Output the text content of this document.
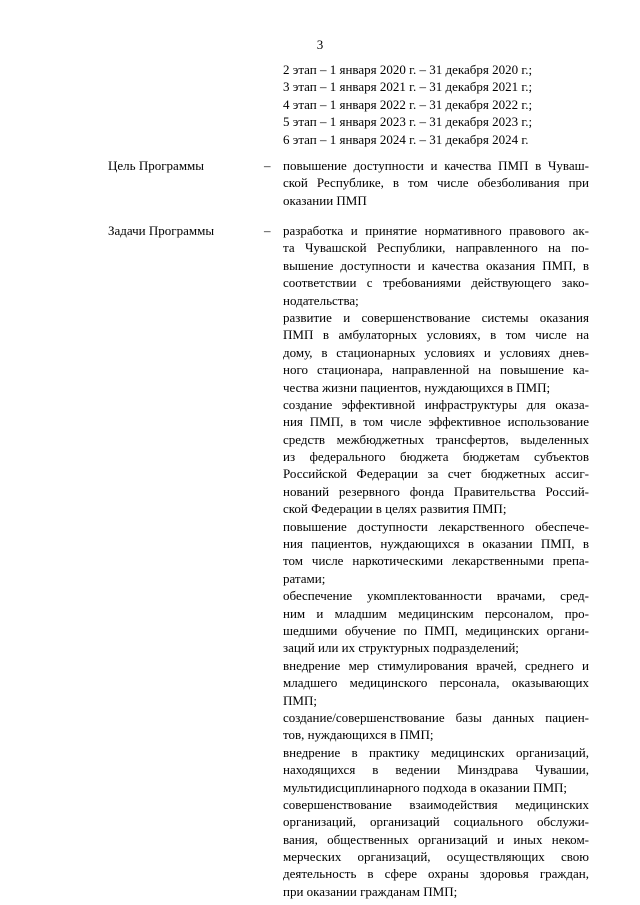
3
2 этап – 1 января 2020 г. – 31 декабря 2020 г.;
3 этап – 1 января 2021 г. – 31 декабря 2021 г.;
4 этап – 1 января 2022 г. – 31 декабря 2022 г.;
5 этап – 1 января 2023 г. – 31 декабря 2023 г.;
6 этап – 1 января 2024 г. – 31 декабря 2024 г.
Цель Программы	– повышение доступности и качества ПМП в Чуваш-
ской Республике, в том числе обезболивания при
оказании ПМП
Задачи Программы	– разработка и принятие нормативного правового ак-
та Чувашской Республики, направленного на по-
вышение доступности и качества оказания ПМП, в
соответствии с требованиями действующего зако-
нодательства;
развитие и совершенствование системы оказания
ПМП в амбулаторных условиях, в том числе на
дому, в стационарных условиях и условиях днев-
ного стационара, направленной на повышение ка-
чества жизни пациентов, нуждающихся в ПМП;
создание эффективной инфраструктуры для оказа-
ния ПМП, в том числе эффективное использование
средств межбюджетных трансфертов, выделенных
из федерального бюджета бюджетам субъектов
Российской Федерации за счет бюджетных ассиг-
нований резервного фонда Правительства Россий-
ской Федерации в целях развития ПМП;
повышение доступности лекарственного обеспече-
ния пациентов, нуждающихся в оказании ПМП, в
том числе наркотическими лекарственными препа-
ратами;
обеспечение укомплектованности врачами, сред-
ним и младшим медицинским персоналом, про-
шедшими обучение по ПМП, медицинских органи-
заций или их структурных подразделений;
внедрение мер стимулирования врачей, среднего и
младшего медицинского персонала, оказывающих
ПМП;
создание/совершенствование базы данных пациен-
тов, нуждающихся в ПМП;
внедрение в практику медицинских организаций,
находящихся в ведении Минздрава Чувашии,
мультидисциплинарного подхода в оказании ПМП;
совершенствование взаимодействия медицинских
организаций, организаций социального обслужи-
вания, общественных организаций и иных неком-
мерческих организаций, осуществляющих свою
деятельность в сфере охраны здоровья граждан,
при оказании гражданам ПМП;
